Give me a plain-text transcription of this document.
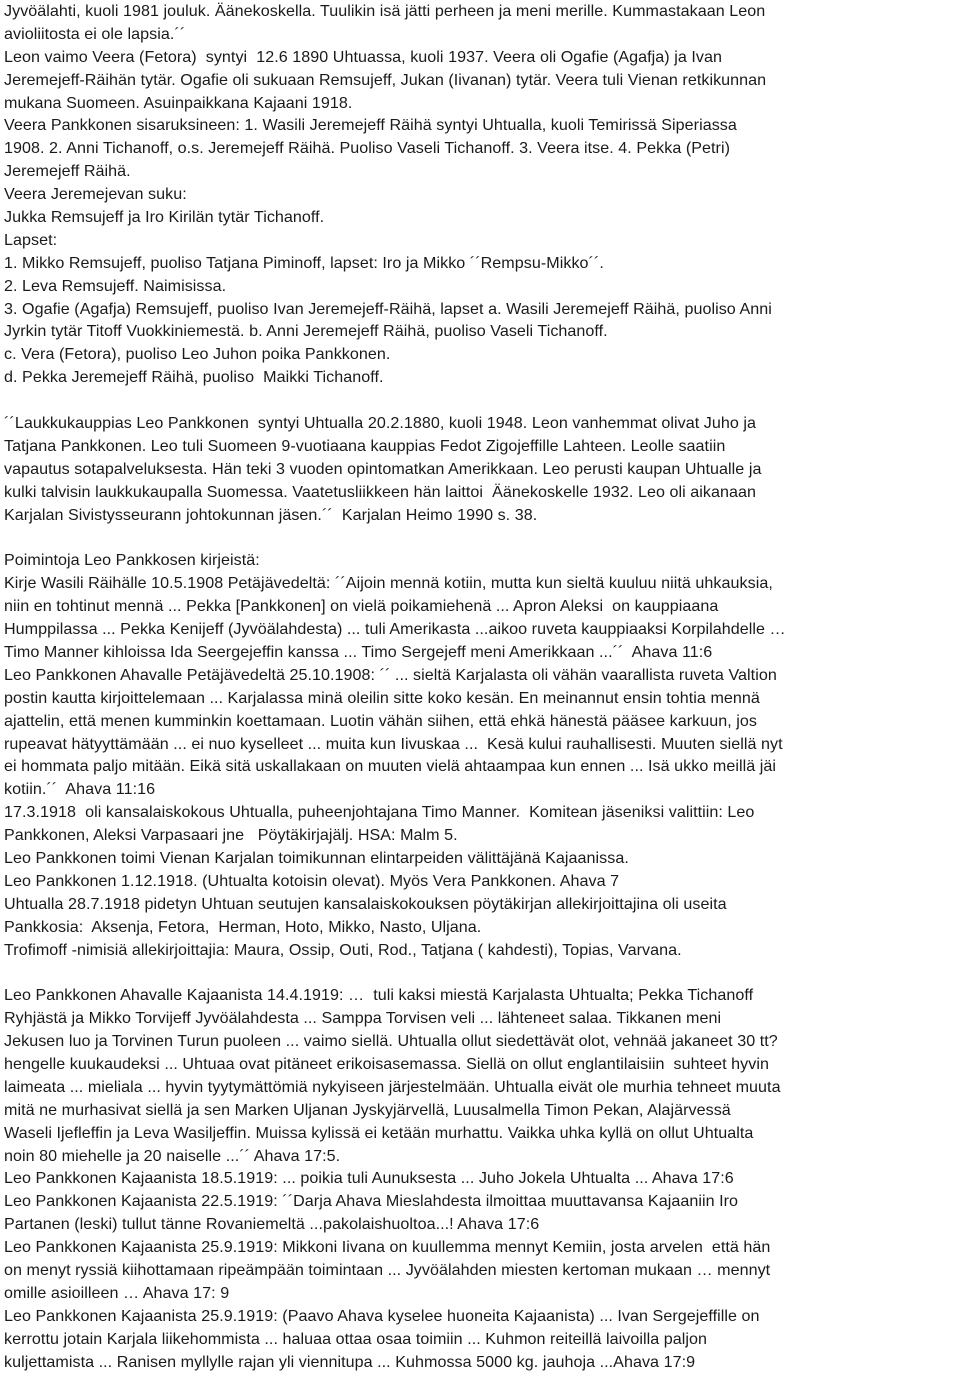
Jyvöälahti, kuoli 1981 jouluk. Äänekoskella. Tuulikin isä jätti perheen ja meni merille. Kummastakaan Leon
avioliitosta ei ole lapsia.´´
Leon vaimo Veera (Fetora)  syntyi  12.6 1890 Uhtuassa, kuoli 1937. Veera oli Ogafie (Agafja) ja Ivan
Jeremejeff-Räihän tytär. Ogafie oli sukuaan Remsujeff, Jukan (Iivanan) tytär. Veera tuli Vienan retkikunnan
mukana Suomeen. Asuinpaikkana Kajaani 1918.
Veera Pankkonen sisaruksineen: 1. Wasili Jeremejeff Räihä syntyi Uhtualla, kuoli Temirissä Siperiassa
1908. 2. Anni Tichanoff, o.s. Jeremejeff Räihä. Puoliso Vaseli Tichanoff. 3. Veera itse. 4. Pekka (Petri)
Jeremejeff Räihä.
Veera Jeremejevan suku:
Jukka Remsujeff ja Iro Kirilän tytär Tichanoff.
Lapset:
1. Mikko Remsujeff, puoliso Tatjana Piminoff, lapset: Iro ja Mikko ´´Rempsu-Mikko´´.
2. Leva Remsujeff. Naimisissa.
3. Ogafie (Agafja) Remsujeff, puoliso Ivan Jeremejeff-Räihä, lapset a. Wasili Jeremejeff Räihä, puoliso Anni
Jyrkin tytär Titoff Vuokkiniemestä. b. Anni Jeremejeff Räihä, puoliso Vaseli Tichanoff.
c. Vera (Fetora), puoliso Leo Juhon poika Pankkonen.
d. Pekka Jeremejeff Räihä, puoliso  Maikki Tichanoff.
´´Laukkukauppias Leo Pankkonen  syntyi Uhtualla 20.2.1880, kuoli 1948. Leon vanhemmat olivat Juho ja
Tatjana Pankkonen. Leo tuli Suomeen 9-vuotiaana kauppias Fedot Zigojeffille Lahteen. Leolle saatiin
vapautus sotapalveluksesta. Hän teki 3 vuoden opintomatkan Amerikkaan. Leo perusti kaupan Uhtualle ja
kulki talvisin laukkukaupalla Suomessa. Vaatetusliikkeen hän laittoi  Äänekoskelle 1932. Leo oli aikanaan
Karjalan Sivistysseurann johtokunnan jäsen.´´  Karjalan Heimo 1990 s. 38.
Poimintoja Leo Pankkosen kirjeistä:
Kirje Wasili Räihälle 10.5.1908 Petäjävedeltä: ´´Aijoin mennä kotiin, mutta kun sieltä kuuluu niitä uhkauksia,
niin en tohtinut mennä ... Pekka [Pankkonen] on vielä poikamiehenä ... Apron Aleksi  on kauppiaana
Humppilassa ... Pekka Kenijeff (Jyvöälahdesta) ... tuli Amerikasta ...aikoo ruveta kauppiaaksi Korpilahdelle …
Timo Manner kihloissa Ida Seergejeffin kanssa ... Timo Sergejeff meni Amerikkaan ...´´  Ahava 11:6
Leo Pankkonen Ahavalle Petäjävedeltä 25.10.1908: ´´ ... sieltä Karjalasta oli vähän vaarallista ruveta Valtion
postin kautta kirjoittelemaan ... Karjalassa minä oleilin sitte koko kesän. En meinannut ensin tohtia mennä
ajattelin, että menen kumminkin koettamaan. Luotin vähän siihen, että ehkä hänestä pääsee karkuun, jos
rupeavat hätyyttämään ... ei nuo kyselleet ... muita kun Iivuskaa ...  Kesä kului rauhallisesti. Muuten siellä nyt
ei hommata paljo mitään. Eikä sitä uskallakaan on muuten vielä ahtaampaa kun ennen ... Isä ukko meillä jäi
kotiin.´´  Ahava 11:16
17.3.1918  oli kansalaiskokous Uhtualla, puheenjohtajana Timo Manner.  Komitean jäseniksi valittiin: Leo
Pankkonen, Aleksi Varpasaari jne   Pöytäkirjajälj. HSA: Malm 5.
Leo Pankkonen toimi Vienan Karjalan toimikunnan elintarpeiden välittäjänä Kajaanissa.
Leo Pankkonen 1.12.1918. (Uhtualta kotoisin olevat). Myös Vera Pankkonen. Ahava 7
Uhtualla 28.7.1918 pidetyn Uhtuan seutujen kansalaiskokouksen pöytäkirjan allekirjoittajina oli useita
Pankkosia:  Aksenja, Fetora,  Herman, Hoto, Mikko, Nasto, Uljana.
Trofimoff -nimisiä allekirjoittajia: Maura, Ossip, Outi, Rod., Tatjana ( kahdesti), Topias, Varvana.
Leo Pankkonen Ahavalle Kajaanista 14.4.1919: …  tuli kaksi miestä Karjalasta Uhtualta; Pekka Tichanoff
Ryhjästä ja Mikko Torvijeff Jyvöälahdesta ... Samppa Torvisen veli ... lähteneet salaa. Tikkanen meni
Jekusen luo ja Torvinen Turun puoleen ... vaimo siellä. Uhtualla ollut siedettävät olot, vehnää jakaneet 30 tt?
hengelle kuukaudeksi ... Uhtuaa ovat pitäneet erikoisasemassa. Siellä on ollut englantilaisiin  suhteet hyvin
laimeata ... mieliala ... hyvin tyytymättömiä nykyiseen järjestelmään. Uhtualla eivät ole murhia tehneet muuta
mitä ne murhasivat siellä ja sen Marken Uljanan Jyskyjärvellä, Luusalmella Timon Pekan, Alajärvessä
Waseli Ijefleffin ja Leva Wasiljeffin. Muissa kylissä ei ketään murhattu. Vaikka uhka kyllä on ollut Uhtualta
noin 80 miehelle ja 20 naiselle ...´´ Ahava 17:5.
Leo Pankkonen Kajaanista 18.5.1919: ... poikia tuli Aunuksesta ... Juho Jokela Uhtualta ... Ahava 17:6
Leo Pankkonen Kajaanista 22.5.1919: ´´Darja Ahava Mieslahdesta ilmoittaa muuttavansa Kajaaniin Iro
Partanen (leski) tullut tänne Rovaniemeltä ...pakolaishuoltoa...! Ahava 17:6
Leo Pankkonen Kajaanista 25.9.1919: Mikkoni Iivana on kuullemma mennyt Kemiin, josta arvelen  että hän
on menyt ryssiä kiihottamaan ripeämpään toimintaan ... Jyvöälahden miesten kertoman mukaan … mennyt
omille asioilleen … Ahava 17: 9
Leo Pankkonen Kajaanista 25.9.1919: (Paavo Ahava kyselee huoneita Kajaanista) ... Ivan Sergejeffille on
kerrottu jotain Karjala liikehommista ... haluaa ottaa osaa toimiin ... Kuhmon reiteillä laivoilla paljon
kuljettamista ... Ranisen myllylle rajan yli viennitupa ... Kuhmossa 5000 kg. jauhoja ...Ahava 17:9
